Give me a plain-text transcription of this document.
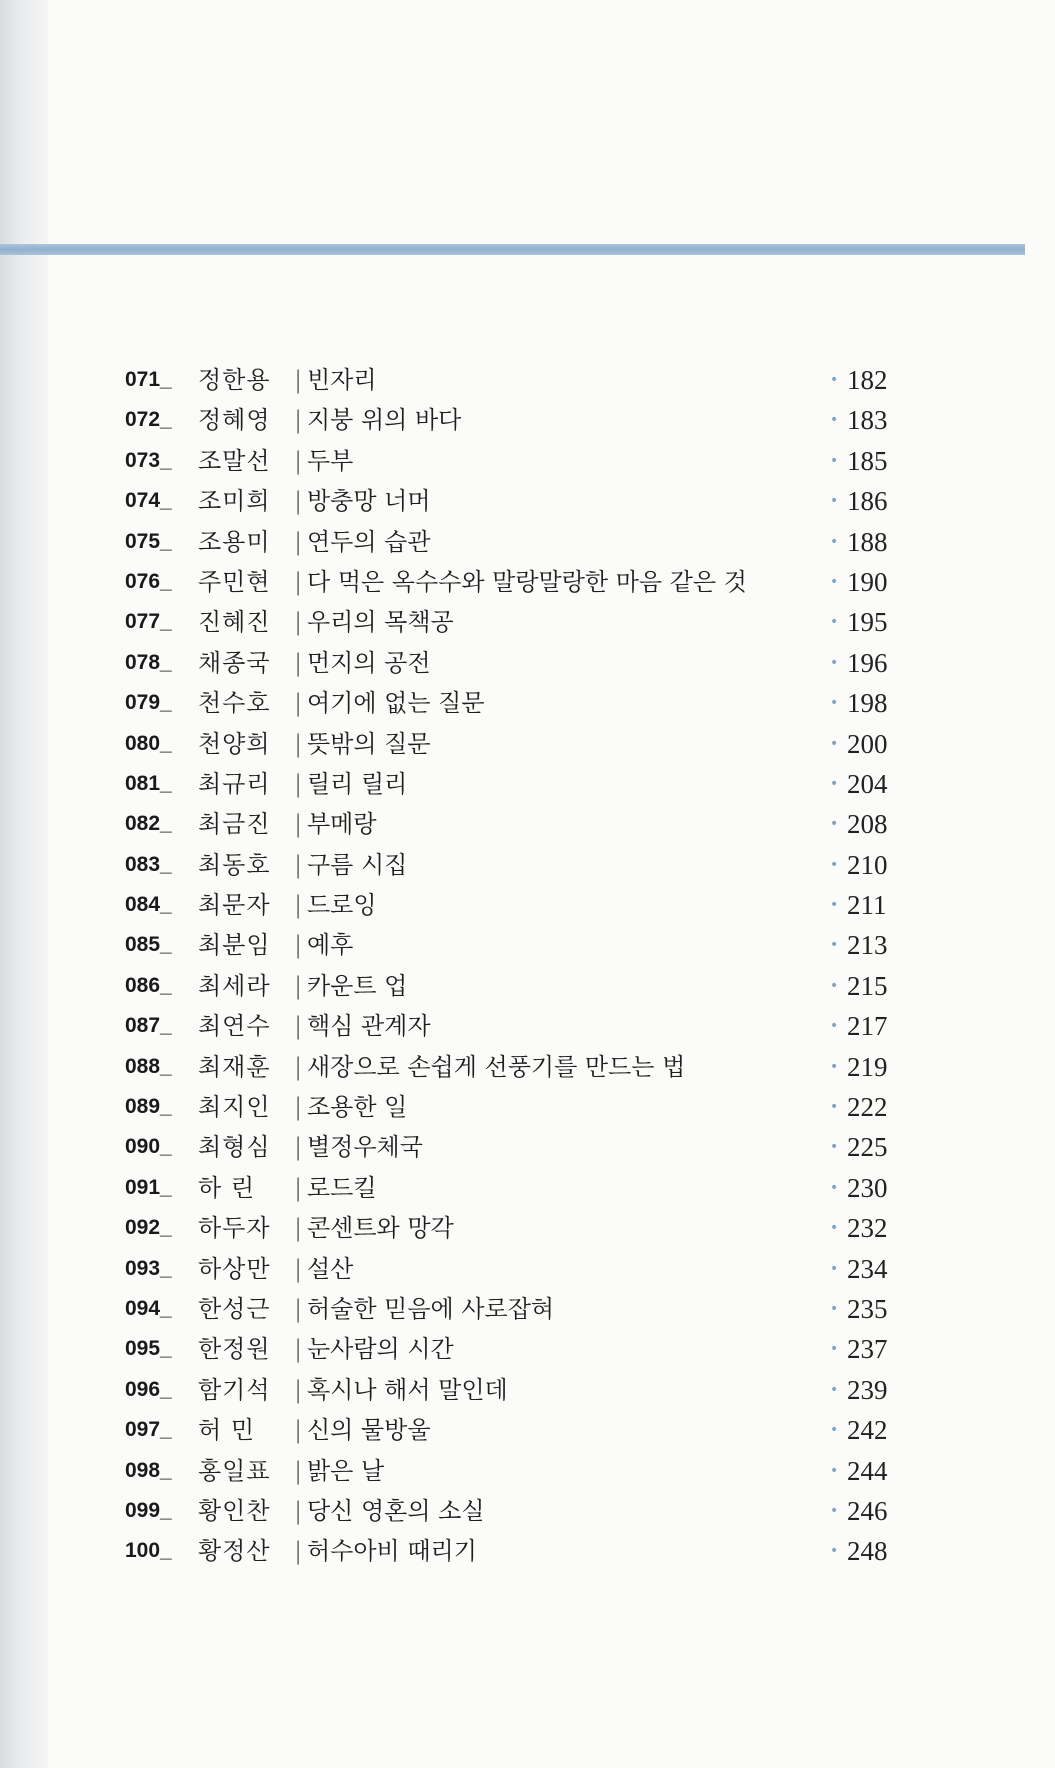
071_ 정한용 | 빈자리	• 182
072_ 정혜영 | 지붕 위의 바다	• 183
073_ 조말선 | 두부	• 185
074_ 조미희 | 방충망 너머	• 186
075_ 조용미 | 연두의 습관	• 188
076_ 주민현 | 다 먹은 옥수수와 말랑말랑한 마음 같은 것	• 190
077_ 진혜진 | 우리의 목책공	• 195
078_ 채종국 | 먼지의 공전	• 196
079_ 천수호 | 여기에 없는 질문	• 198
080_ 천양희 | 뜻밖의 질문	• 200
081_ 최규리 | 릴리 릴리	• 204
082_ 최금진 | 부메랑	• 208
083_ 최동호 | 구름 시집	• 210
084_ 최문자 | 드로잉	• 211
085_ 최분임 | 예후	• 213
086_ 최세라 | 카운트 업	• 215
087_ 최연수 | 핵심 관계자	• 217
088_ 최재훈 | 새장으로 손쉽게 선풍기를 만드는 법	• 219
089_ 최지인 | 조용한 일	• 222
090_ 최형심 | 별정우체국	• 225
091_ 하 린 | 로드킬	• 230
092_ 하두자 | 콘센트와 망각	• 232
093_ 하상만 | 설산	• 234
094_ 한성근 | 허술한 믿음에 사로잡혀	• 235
095_ 한정원 | 눈사람의 시간	• 237
096_ 함기석 | 혹시나 해서 말인데	• 239
097_ 허 민 | 신의 물방울	• 242
098_ 홍일표 | 밝은 날	• 244
099_ 황인찬 | 당신 영혼의 소실	• 246
100_ 황정산 | 허수아비 때리기	• 248
